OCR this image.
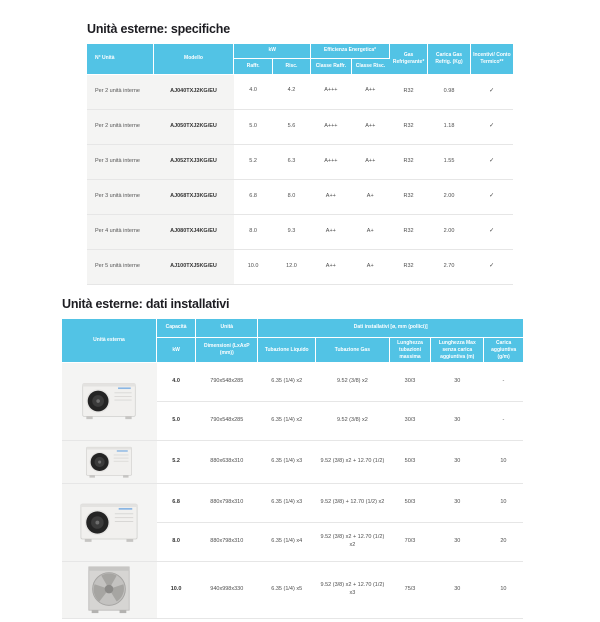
Unità esterne: specifiche
N° Unità	Modello	kW		Efficienza Energetica*		Gas Refrigerante*	Carica Gas Refrig. (Kg)	Incentivi/ Conto Termico**
		Raffr.	Risc.	Classe Raffr.	Classe Risc.			
Per 2 unità interne	AJ040TXJ2KG/EU	4.0	4.2	A+++	A++	R32	0.98	✓
Per 2 unità interne	AJ050TXJ2KG/EU	5.0	5.6	A+++	A++	R32	1.18	✓
Per 3 unità interne	AJ052TXJ3KG/EU	5.2	6.3	A+++	A++	R32	1.55	✓
Per 3 unità interne	AJ068TXJ3KG/EU	6.8	8.0	A++	A+	R32	2.00	✓
Per 4 unità interne	AJ080TXJ4KG/EU	8.0	9.3	A++	A+	R32	2.00	✓
Per 5 unità interne	AJ100TXJ5KG/EU	10.0	12.0	A++	A+	R32	2.70	✓
Unità esterne: dati installativi
Unità esterna	Capacità	Unità	Dati installativi [ø, mm (pollici)]				
	kW	Dimensioni (LxAxP (mm))	Tubazione Liquido	Tubazione Gas	Lunghezza tubazioni massima	Lunghezza Max senza carica aggiuntiva (m)	Carica aggiuntiva (g/m)
	4.0	790x548x285	6.35 (1/4) x2	9.52 (3/8) x2	30/3	30	-
	5.0	790x548x285	6.35 (1/4) x2	9.52 (3/8) x2	30/3	30	-
	5.2	880x638x310	6.35 (1/4) x3	9.52 (3/8) x2 + 12.70 (1/2)	50/3	30	10
	6.8	880x798x310	6.35 (1/4) x3	9.52 (3/8) + 12.70 (1/2) x2	50/3	30	10
	8.0	880x798x310	6.35 (1/4) x4	9.52 (3/8) x2 + 12.70 (1/2) x2	70/3	30	20
	10.0	940x998x330	6.35 (1/4) x5	9.52 (3/8) x2 + 12.70 (1/2) x3	75/3	30	10
